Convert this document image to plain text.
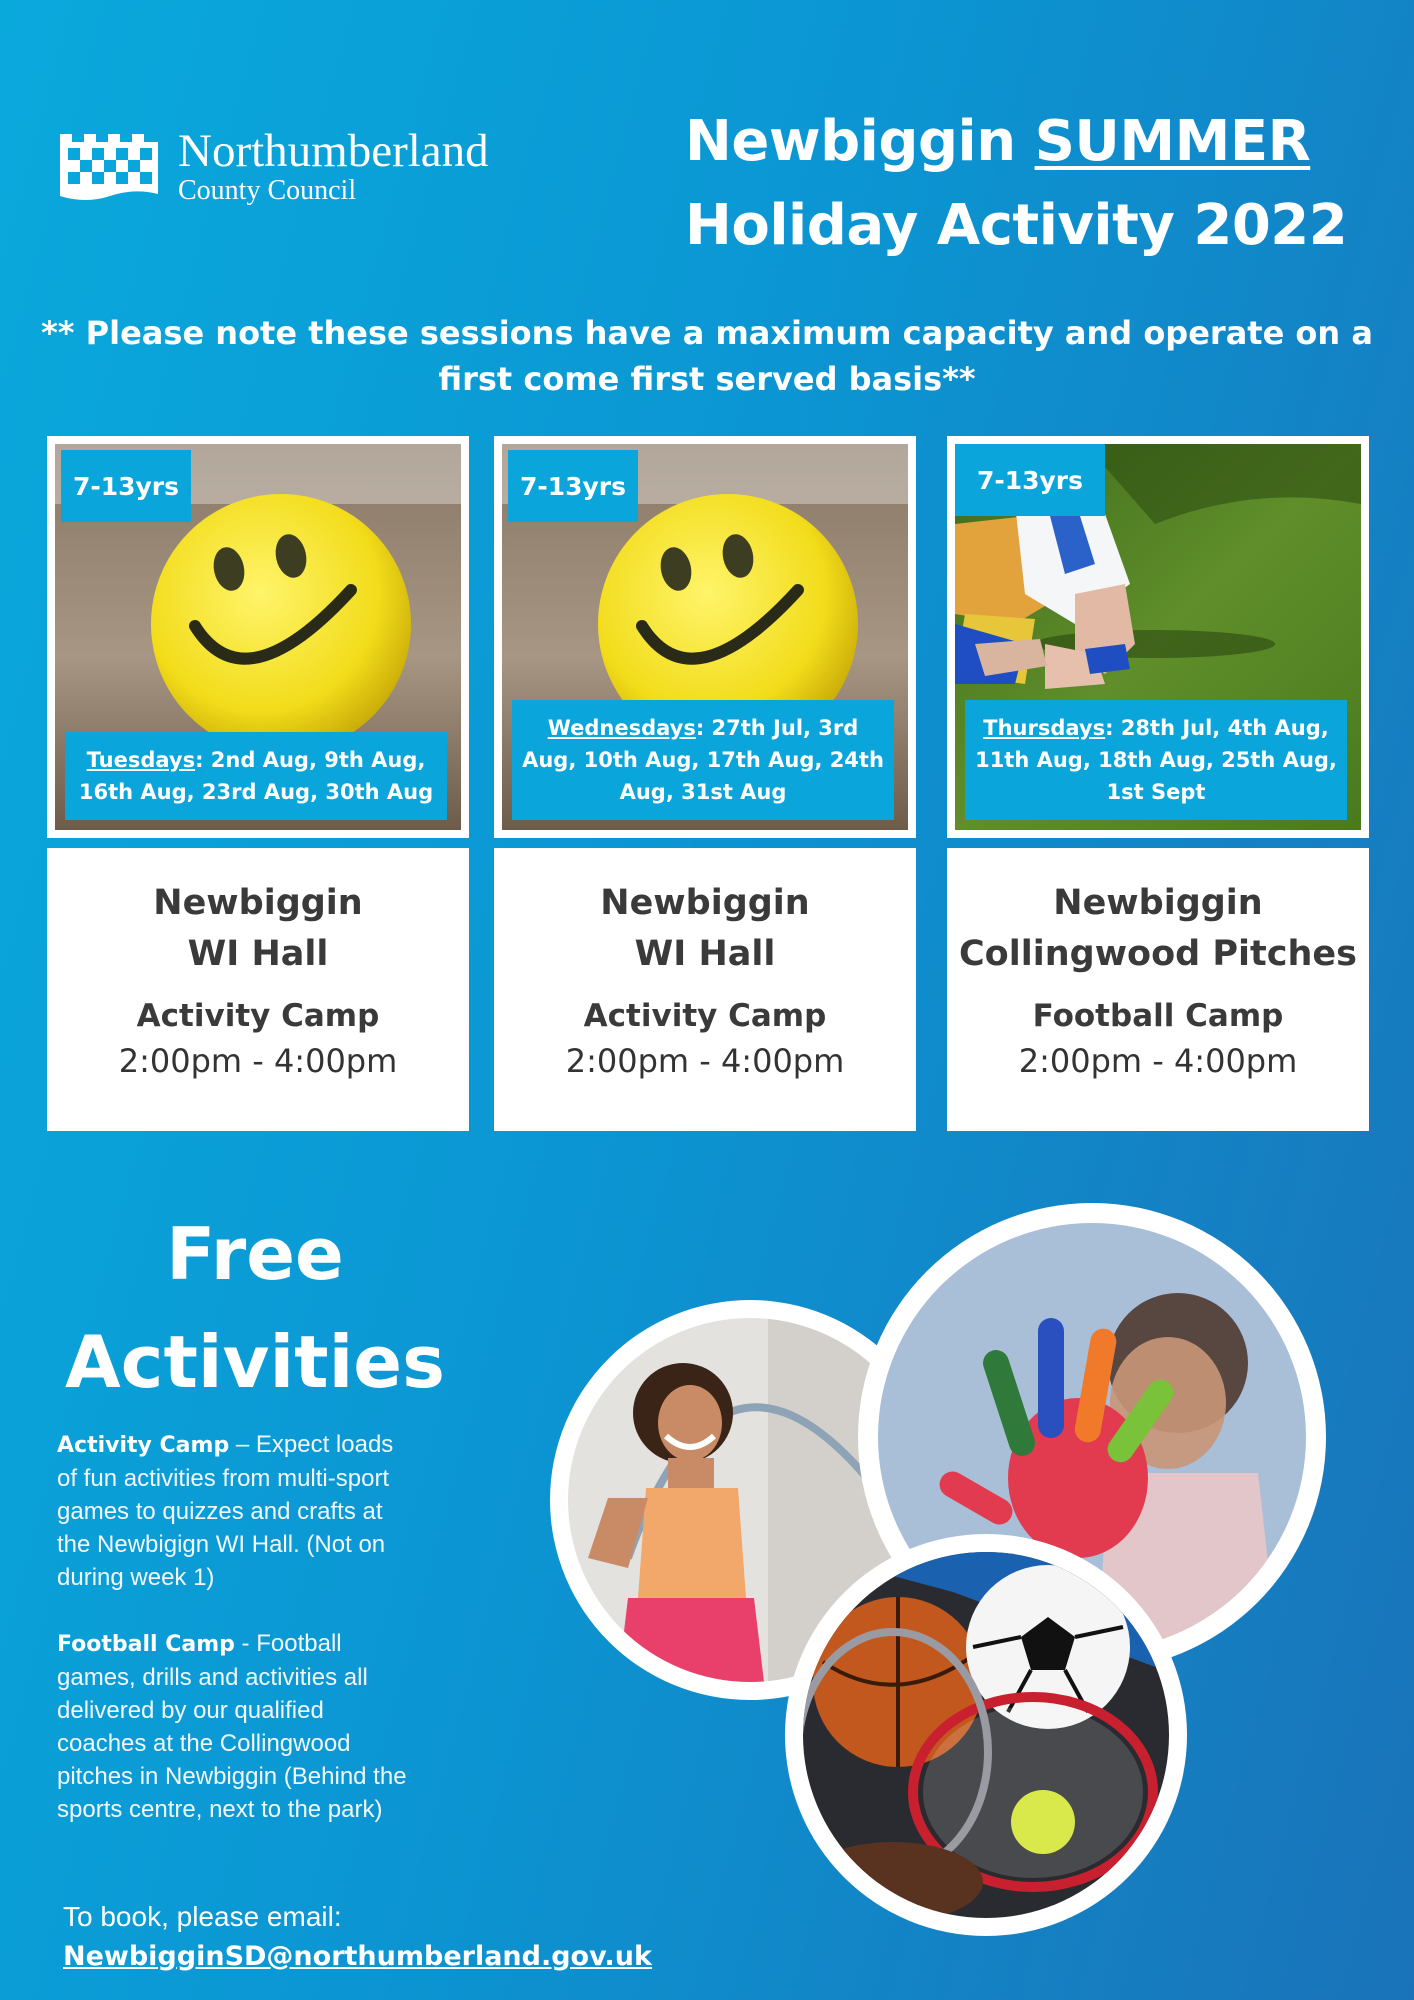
Northumberland
County Council
Newbiggin SUMMER
Holiday Activity 2022
** Please note these sessions have a maximum capacity and operate on a first come first served basis**
7-13yrs
Tuesdays: 2nd Aug, 9th Aug, 16th Aug, 23rd Aug, 30th Aug
Newbiggin
WI Hall
Activity Camp
2:00pm - 4:00pm
7-13yrs
Wednesdays: 27th Jul, 3rd Aug, 10th Aug, 17th Aug, 24th Aug, 31st Aug
Newbiggin
WI Hall
Activity Camp
2:00pm - 4:00pm
7-13yrs
Thursdays: 28th Jul, 4th Aug, 11th Aug, 18th Aug, 25th Aug, 1st Sept
Newbiggin
Collingwood Pitches
Football Camp
2:00pm - 4:00pm
Free
Activities

Activity Camp – Expect loads of fun activities from multi-sport games to quizzes and crafts at the Newbigign WI Hall. (Not on during week 1)

Football Camp - Football games, drills and activities all delivered by our qualified coaches at the Collingwood pitches in Newbiggin (Behind the sports centre, next to the park)

To book, please email:
NewbigginSD@northumberland.gov.uk
